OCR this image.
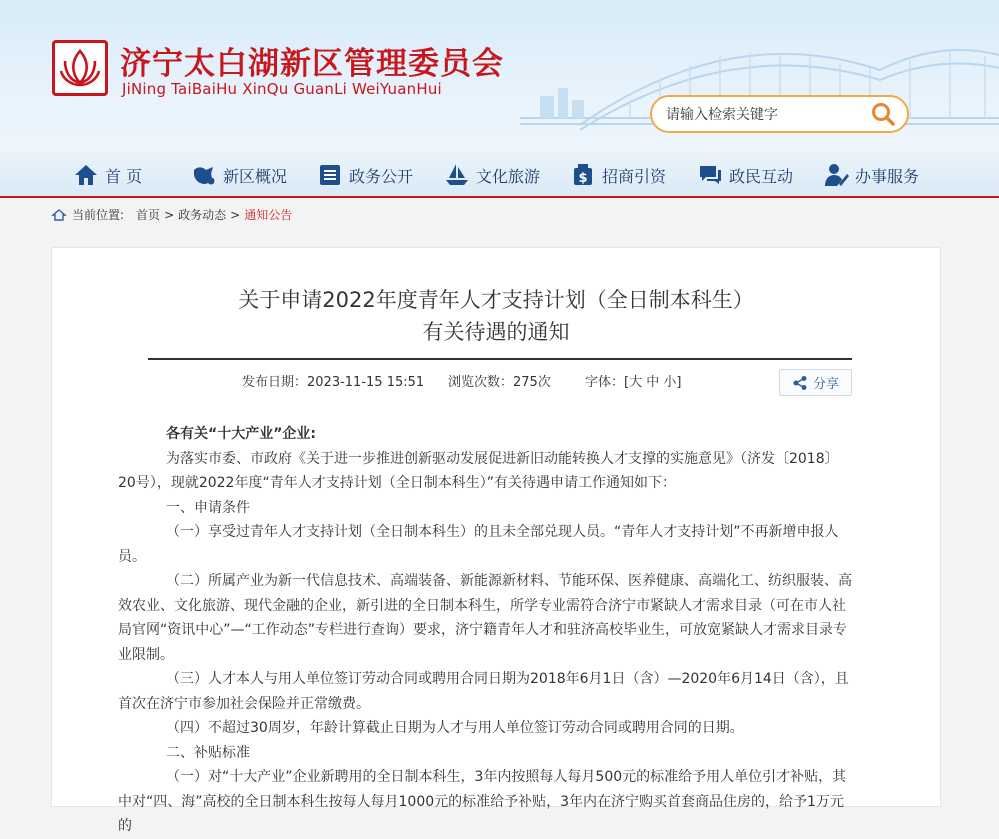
济宁太白湖新区管理委员会
JiNing TaiBaiHu XinQu GuanLi WeiYuanHui
请输入检索关键字
首 页	新区概况	政务公开	文化旅游	$ 招商引资	政民互动	办事服务
当前位置: 首页 > 政务动态 > 通知公告
关于申请2022年度青年人才支持计划（全日制本科生）
有关待遇的通知
发布日期：2023-11-15 15:51 浏览次数：275次	字体：[大 中 小]	分享

各有关“十大产业”企业:

为落实市委、市政府《关于进一步推进创新驱动发展促进新旧动能转换人才支撑的实施意见》（济发〔2018〕20号），现就2022年度“青年人才支持计划（全日制本科生）”有关待遇申请工作通知如下：

一、申请条件

（一）享受过青年人才支持计划（全日制本科生）的且未全部兑现人员。“青年人才支持计划”不再新增申报人员。

（二）所属产业为新一代信息技术、高端装备、新能源新材料、节能环保、医养健康、高端化工、纺织服装、高效农业、文化旅游、现代金融的企业，新引进的全日制本科生，所学专业需符合济宁市紧缺人才需求目录（可在市人社局官网“资讯中心”—“工作动态”专栏进行查询）要求，济宁籍青年人才和驻济高校毕业生，可放宽紧缺人才需求目录专业限制。

（三）人才本人与用人单位签订劳动合同或聘用合同日期为2018年6月1日（含）—2020年6月14日（含），且首次在济宁市参加社会保险并正常缴费。

（四）不超过30周岁，年龄计算截止日期为人才与用人单位签订劳动合同或聘用合同的日期。

二、补贴标准

（一）对“十大产业”企业新聘用的全日制本科生，3年内按照每人每月500元的标准给予用人单位引才补贴，其中对“四、海”高校的全日制本科生按每人每月1000元的标准给予补贴，3年内在济宁购买首套商品住房的，给予1万元的
